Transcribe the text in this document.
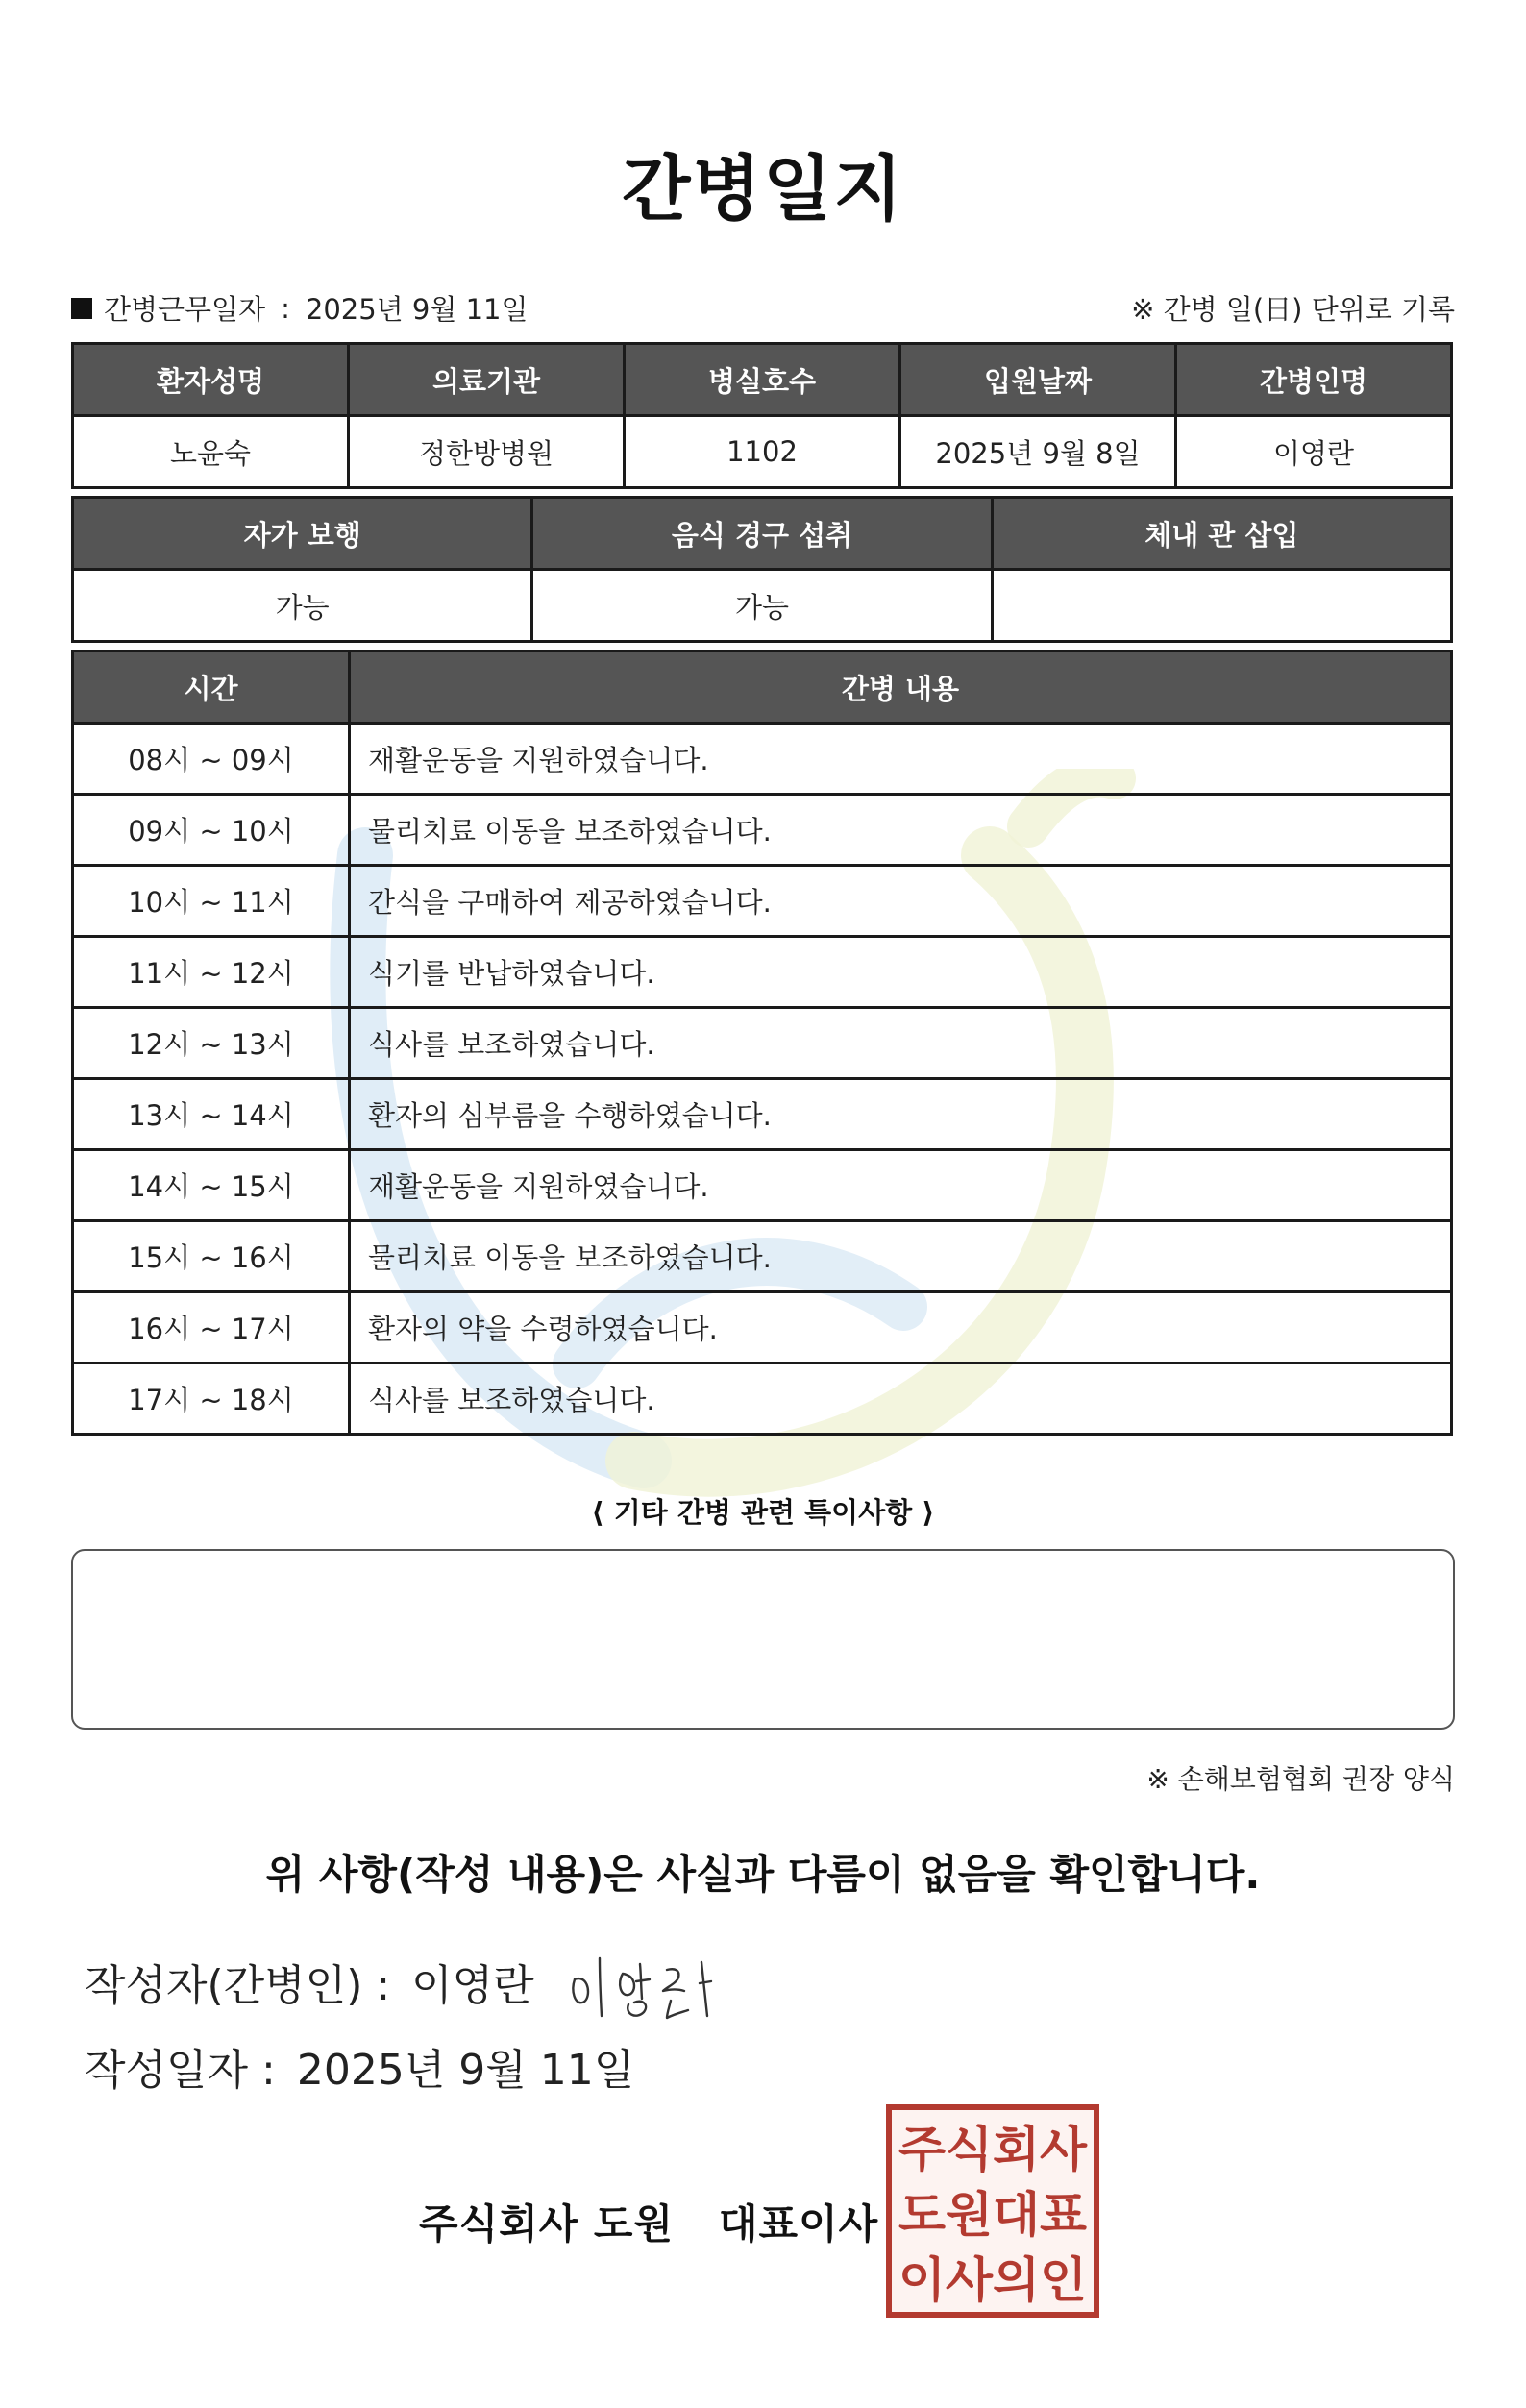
간병일지
간병근무일자 : 2025년 9월 11일	※ 간병 일(日) 단위로 기록
환자성명	의료기관	병실호수	입원날짜	간병인명
노윤숙	정한방병원	1102	2025년 9월 8일	이영란
자가 보행	음식 경구 섭취	체내 관 삽입
가능	가능	
시간	간병 내용
08시 ~ 09시	재활운동을 지원하였습니다.
09시 ~ 10시	물리치료 이동을 보조하였습니다.
10시 ~ 11시	간식을 구매하여 제공하였습니다.
11시 ~ 12시	식기를 반납하였습니다.
12시 ~ 13시	식사를 보조하였습니다.
13시 ~ 14시	환자의 심부름을 수행하였습니다.
14시 ~ 15시	재활운동을 지원하였습니다.
15시 ~ 16시	물리치료 이동을 보조하였습니다.
16시 ~ 17시	환자의 약을 수령하였습니다.
17시 ~ 18시	식사를 보조하였습니다.
⟨ 기타 간병 관련 특이사항 ⟩
※ 손해보험협회 권장 양식
위 사항(작성 내용)은 사실과 다름이 없음을 확인합니다.
작성자(간병인) : 이영란
작성일자 : 2025년 9월 11일
주식회사 도원   대표이사
주식회사
도원대표
이사의인
